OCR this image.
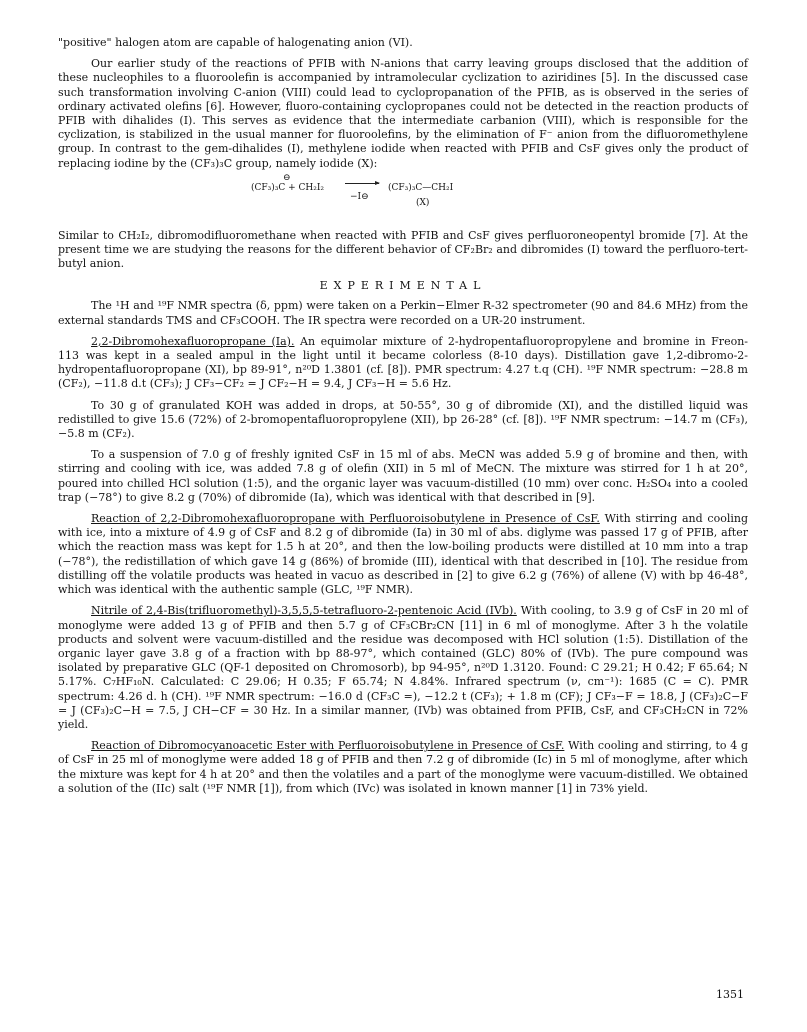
"positive" halogen atom are capable of halogenating anion (VI).

Our earlier study of the reactions of PFIB with N-anions that carry leaving groups disclosed that the addition of these nucleophiles to a fluoroolefin is accompanied by intramolecular cyclization to aziridines [5]. In the discussed case such transformation involving C-anion (VIII) could lead to cyclopropanation of the PFIB, as is observed in the series of ordinary activated olefins [6]. However, fluoro-containing cyclopropanes could not be detected in the reaction products of PFIB with dihalides (I). This serves as evidence that the intermediate carbanion (VIII), which is responsible for the cyclization, is stabilized in the usual manner for fluoroolefins, by the elimination of F⁻ anion from the difluoromethylene group. In contrast to the gem-dihalides (I), methylene iodide when reacted with PFIB and CsF gives only the product of replacing iodine by the (CF₃)₃C group, namely iodide (X):

⊖
(CF₃)₃C + CH₂I₂
−I⊖
(CF₃)₃C—CH₂I
(X)

Similar to CH₂I₂, dibromodifluoromethane when reacted with PFIB and CsF gives perfluoroneopentyl bromide [7]. At the present time we are studying the reasons for the different behavior of CF₂Br₂ and dibromides (I) toward the perfluoro-tert-butyl anion.

EXPERIMENTAL

The ¹H and ¹⁹F NMR spectra (δ, ppm) were taken on a Perkin−Elmer R-32 spectrometer (90 and 84.6 MHz) from the external standards TMS and CF₃COOH. The IR spectra were recorded on a UR-20 instrument.

2,2-Dibromohexafluoropropane (Ia). An equimolar mixture of 2-hydropentafluoropropylene and bromine in Freon-113 was kept in a sealed ampul in the light until it became colorless (8-10 days). Distillation gave 1,2-dibromo-2-hydropentafluoropropane (XI), bp 89-91°, n²⁰D 1.3801 (cf. [8]). PMR spectrum: 4.27 t.q (CH). ¹⁹F NMR spectrum: −28.8 m (CF₂), −11.8 d.t (CF₃); J CF₃−CF₂ = J CF₂−H = 9.4, J CF₃−H = 5.6 Hz.

To 30 g of granulated KOH was added in drops, at 50-55°, 30 g of dibromide (XI), and the distilled liquid was redistilled to give 15.6 (72%) of 2-bromopentafluoropropylene (XII), bp 26-28° (cf. [8]). ¹⁹F NMR spectrum: −14.7 m (CF₃), −5.8 m (CF₂).

To a suspension of 7.0 g of freshly ignited CsF in 15 ml of abs. MeCN was added 5.9 g of bromine and then, with stirring and cooling with ice, was added 7.8 g of olefin (XII) in 5 ml of MeCN. The mixture was stirred for 1 h at 20°, poured into chilled HCl solution (1:5), and the organic layer was vacuum-distilled (10 mm) over conc. H₂SO₄ into a cooled trap (−78°) to give 8.2 g (70%) of dibromide (Ia), which was identical with that described in [9].

Reaction of 2,2-Dibromohexafluoropropane with Perfluoroisobutylene in Presence of CsF. With stirring and cooling with ice, into a mixture of 4.9 g of CsF and 8.2 g of dibromide (Ia) in 30 ml of abs. diglyme was passed 17 g of PFIB, after which the reaction mass was kept for 1.5 h at 20°, and then the low-boiling products were distilled at 10 mm into a trap (−78°), the redistillation of which gave 14 g (86%) of bromide (III), identical with that described in [10]. The residue from distilling off the volatile products was heated in vacuo as described in [2] to give 6.2 g (76%) of allene (V) with bp 46-48°, which was identical with the authentic sample (GLC, ¹⁹F NMR).

Nitrile of 2,4-Bis(trifluoromethyl)-3,5,5,5-tetrafluoro-2-pentenoic Acid (IVb). With cooling, to 3.9 g of CsF in 20 ml of monoglyme were added 13 g of PFIB and then 5.7 g of CF₃CBr₂CN [11] in 6 ml of monoglyme. After 3 h the volatile products and solvent were vacuum-distilled and the residue was decomposed with HCl solution (1:5). Distillation of the organic layer gave 3.8 g of a fraction with bp 88-97°, which contained (GLC) 80% of (IVb). The pure compound was isolated by preparative GLC (QF-1 deposited on Chromosorb), bp 94-95°, n²⁰D 1.3120. Found: C 29.21; H 0.42; F 65.64; N 5.17%. C₇HF₁₀N. Calculated: C 29.06; H 0.35; F 65.74; N 4.84%. Infrared spectrum (ν, cm⁻¹): 1685 (C = C). PMR spectrum: 4.26 d. h (CH). ¹⁹F NMR spectrum: −16.0 d (CF₃C =), −12.2 t (CF₃); + 1.8 m (CF); J CF₃−F = 18.8, J (CF₃)₂C−F = J (CF₃)₂C−H = 7.5, J CH−CF = 30 Hz. In a similar manner, (IVb) was obtained from PFIB, CsF, and CF₃CH₂CN in 72% yield.

Reaction of Dibromocyanoacetic Ester with Perfluoroisobutylene in Presence of CsF. With cooling and stirring, to 4 g of CsF in 25 ml of monoglyme were added 18 g of PFIB and then 7.2 g of dibromide (Ic) in 5 ml of monoglyme, after which the mixture was kept for 4 h at 20° and then the volatiles and a part of the monoglyme were vacuum-distilled. We obtained a solution of the (IIc) salt (¹⁹F NMR [1]), from which (IVc) was isolated in known manner [1] in 73% yield.

1351
